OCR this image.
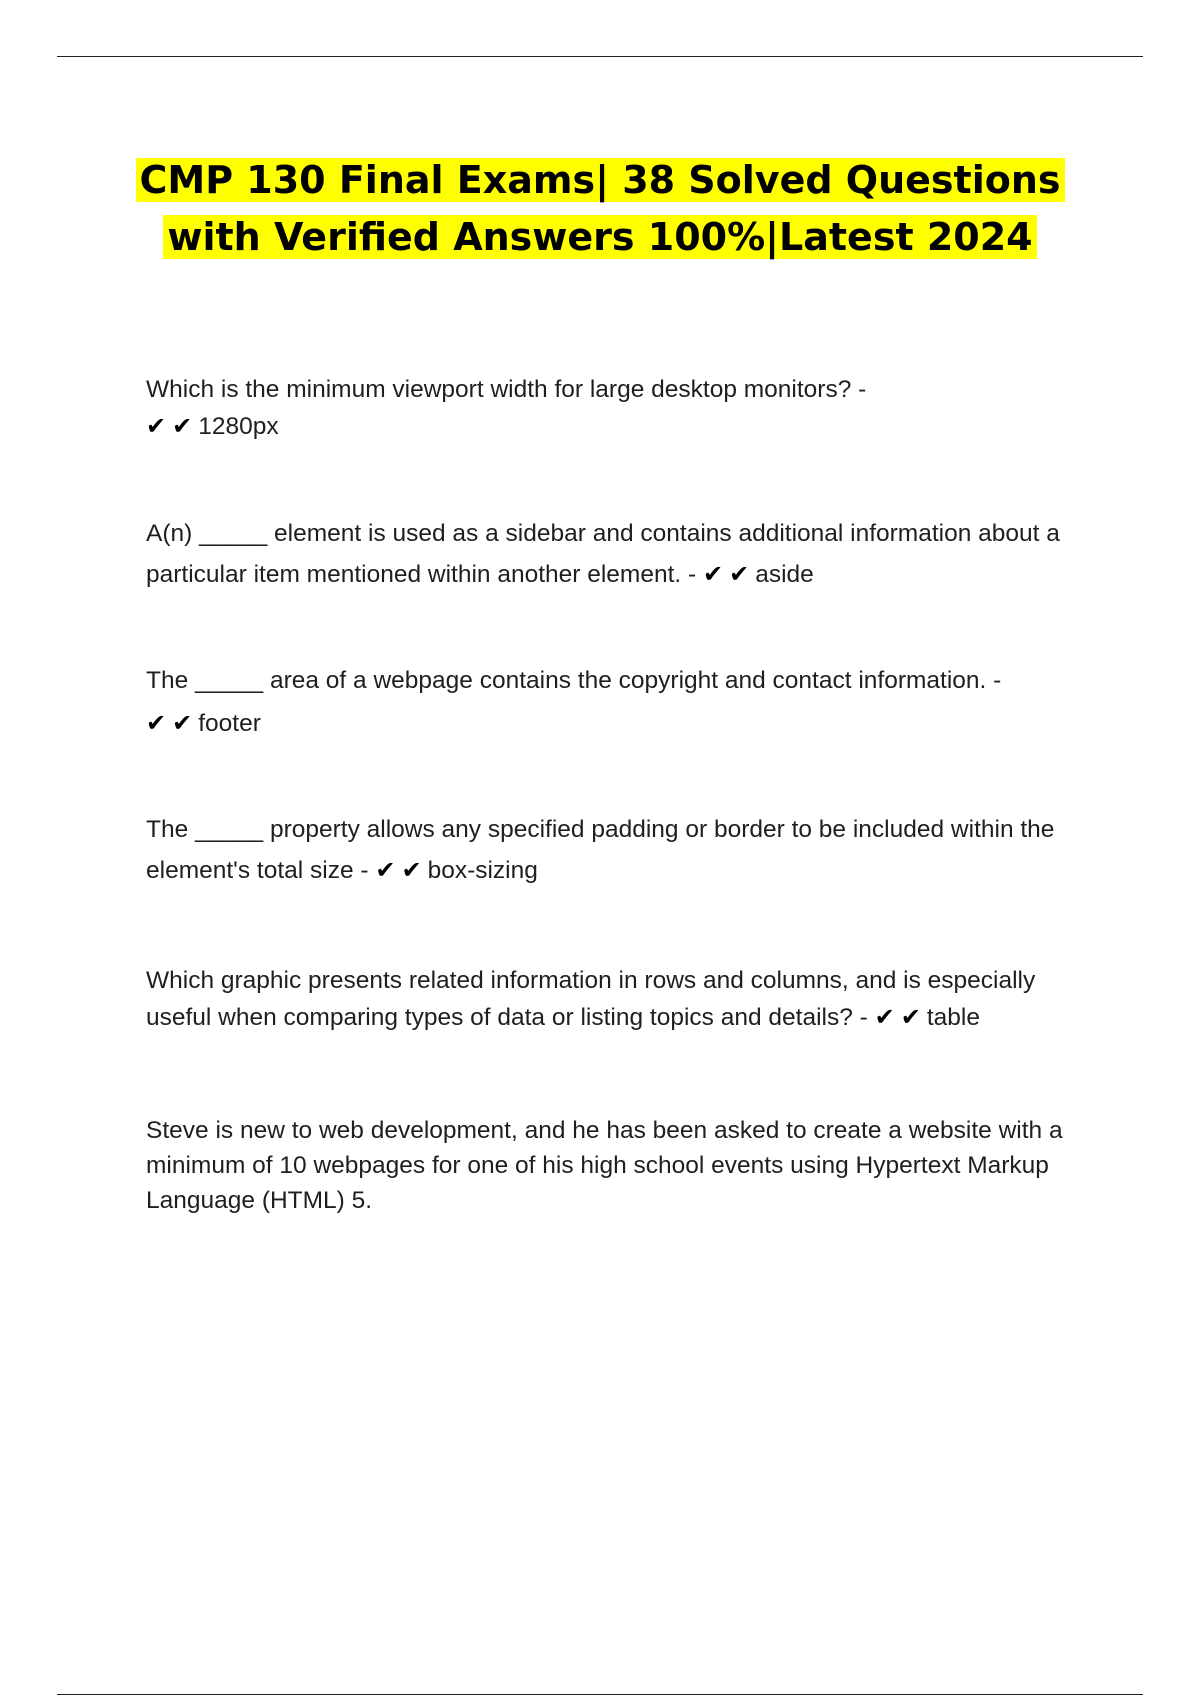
CMP 130 Final Exams| 38 Solved Questions
with Verified Answers 100%|Latest 2024
Which is the minimum viewport width for large desktop monitors? -
✔✔1280px
A(n) _____ element is used as a sidebar and contains additional information about a particular item mentioned within another element. - ✔✔aside
The _____ area of a webpage contains the copyright and contact information. -
✔✔footer
The _____ property allows any specified padding or border to be included within the element's total size - ✔✔box-sizing
Which graphic presents related information in rows and columns, and is especially useful when comparing types of data or listing topics and details? - ✔✔table
Steve is new to web development, and he has been asked to create a website with a minimum of 10 webpages for one of his high school events using Hypertext Markup Language (HTML) 5.
